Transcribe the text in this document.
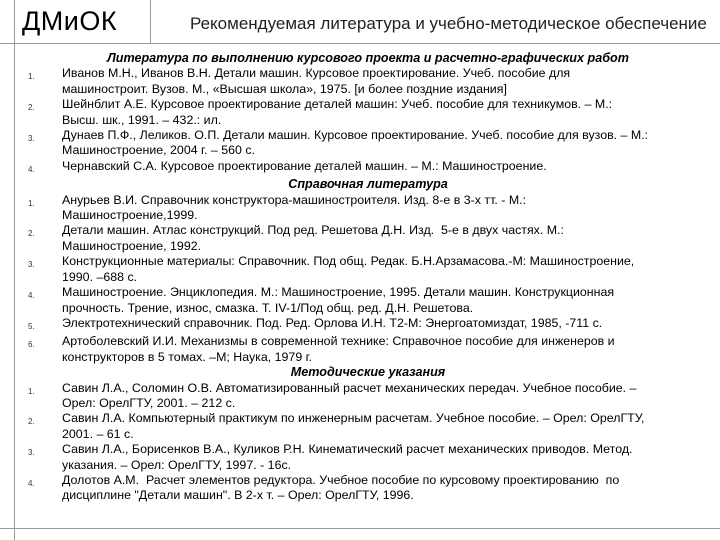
ДМиОК	Рекомендуемая литература и учебно-методическое обеспечение

Литература по выполнению курсового проекта и расчетно-графических работ

1.	Иванов М.Н., Иванов В.Н. Детали машин. Курсовое проектирование. Учеб. пособие для
машиностроит. Вузов. М., «Высшая школа», 1975. [и более поздние издания]
2.	Шейнблит А.Е. Курсовое проектирование деталей машин: Учеб. пособие для техникумов. – М.:
Высш. шк., 1991. – 432.: ил.
3.	Дунаев П.Ф., Леликов. О.П. Детали машин. Курсовое проектирование. Учеб. пособие для вузов. – М.:
Машиностроение, 2004 г. – 560 с.
4.	Чернавский С.А. Курсовое проектирование деталей машин. – М.: Машиностроение.

Справочная литература

1.	Анурьев В.И. Справочник конструктора-машиностроителя. Изд. 8-е в 3-х тт. - М.:
Машиностроение,1999.
2.	Детали машин. Атлас конструкций. Под ред. Решетова Д.Н. Изд.  5-е в двух частях. М.:
Машиностроение, 1992.
3.	Конструкционные материалы: Справочник. Под общ. Редак. Б.Н.Арзамасова.-М: Машиностроение,
1990. –688 с.
4.	Машиностроение. Энциклопедия. М.: Машиностроение, 1995. Детали машин. Конструкционная
прочность. Трение, износ, смазка. Т. IV-1/Под общ. ред. Д.Н. Решетова.
5.	Электротехнический справочник. Под. Ред. Орлова И.Н. Т2-М: Энергоатомиздат, 1985, -711 с.
6.	Артоболевский И.И. Механизмы в современной технике: Справочное пособие для инженеров и
конструкторов в 5 томах. –М; Наука, 1979 г.

Методические указания

1.	Савин Л.А., Соломин О.В. Автоматизированный расчет механических передач. Учебное пособие. –
Орел: ОрелГТУ, 2001. – 212 с.
2.	Савин Л.А. Компьютерный практикум по инженерным расчетам. Учебное пособие. – Орел: ОрелГТУ,
2001. – 61 с.
3.	Савин Л.А., Борисенков В.А., Куликов Р.Н. Кинематический расчет механических приводов. Метод.
указания. – Орел: ОрелГТУ, 1997. - 16с.
4.	Долотов А.М.  Расчет элементов редуктора. Учебное пособие по курсовому проектированию  по
дисциплине "Детали машин". В 2-х т. – Орел: ОрелГТУ, 1996.
